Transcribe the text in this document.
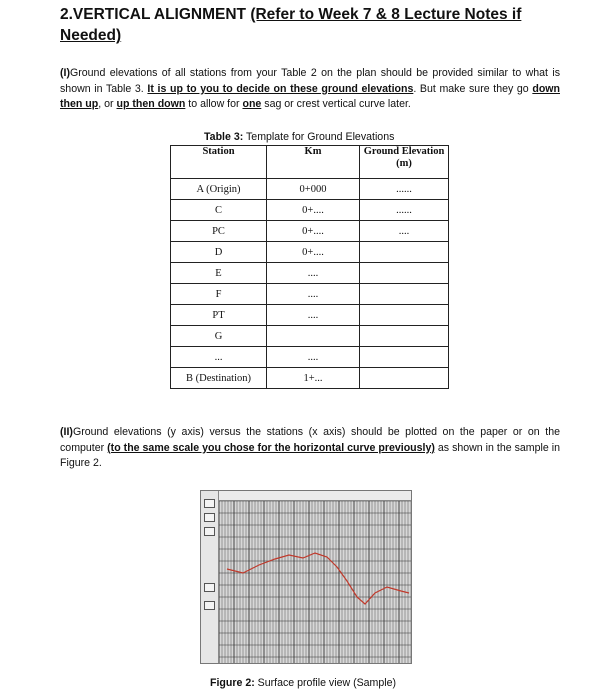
2.VERTICAL ALIGNMENT (Refer to Week 7 & 8 Lecture Notes if Needed)
(I)Ground elevations of all stations from your Table 2 on the plan should be provided similar to what is shown in Table 3. It is up to you to decide on these ground elevations. But make sure they go down then up, or up then down to allow for one sag or crest vertical curve later.
Table 3: Template for Ground Elevations
Station	Km	Ground Elevation (m)
A (Origin)	0+000	......
C	0+....	......
PC	0+....	....
D	0+....	
E	....	
F	....	
PT	....	
G		
...	....	
B (Destination)	1+...	
(II)Ground elevations (y axis) versus the stations (x axis) should be plotted on the paper or on the computer (to the same scale you chose for the horizontal curve previously) as shown in the sample in Figure 2.
Figure 2: Surface profile view (Sample)
